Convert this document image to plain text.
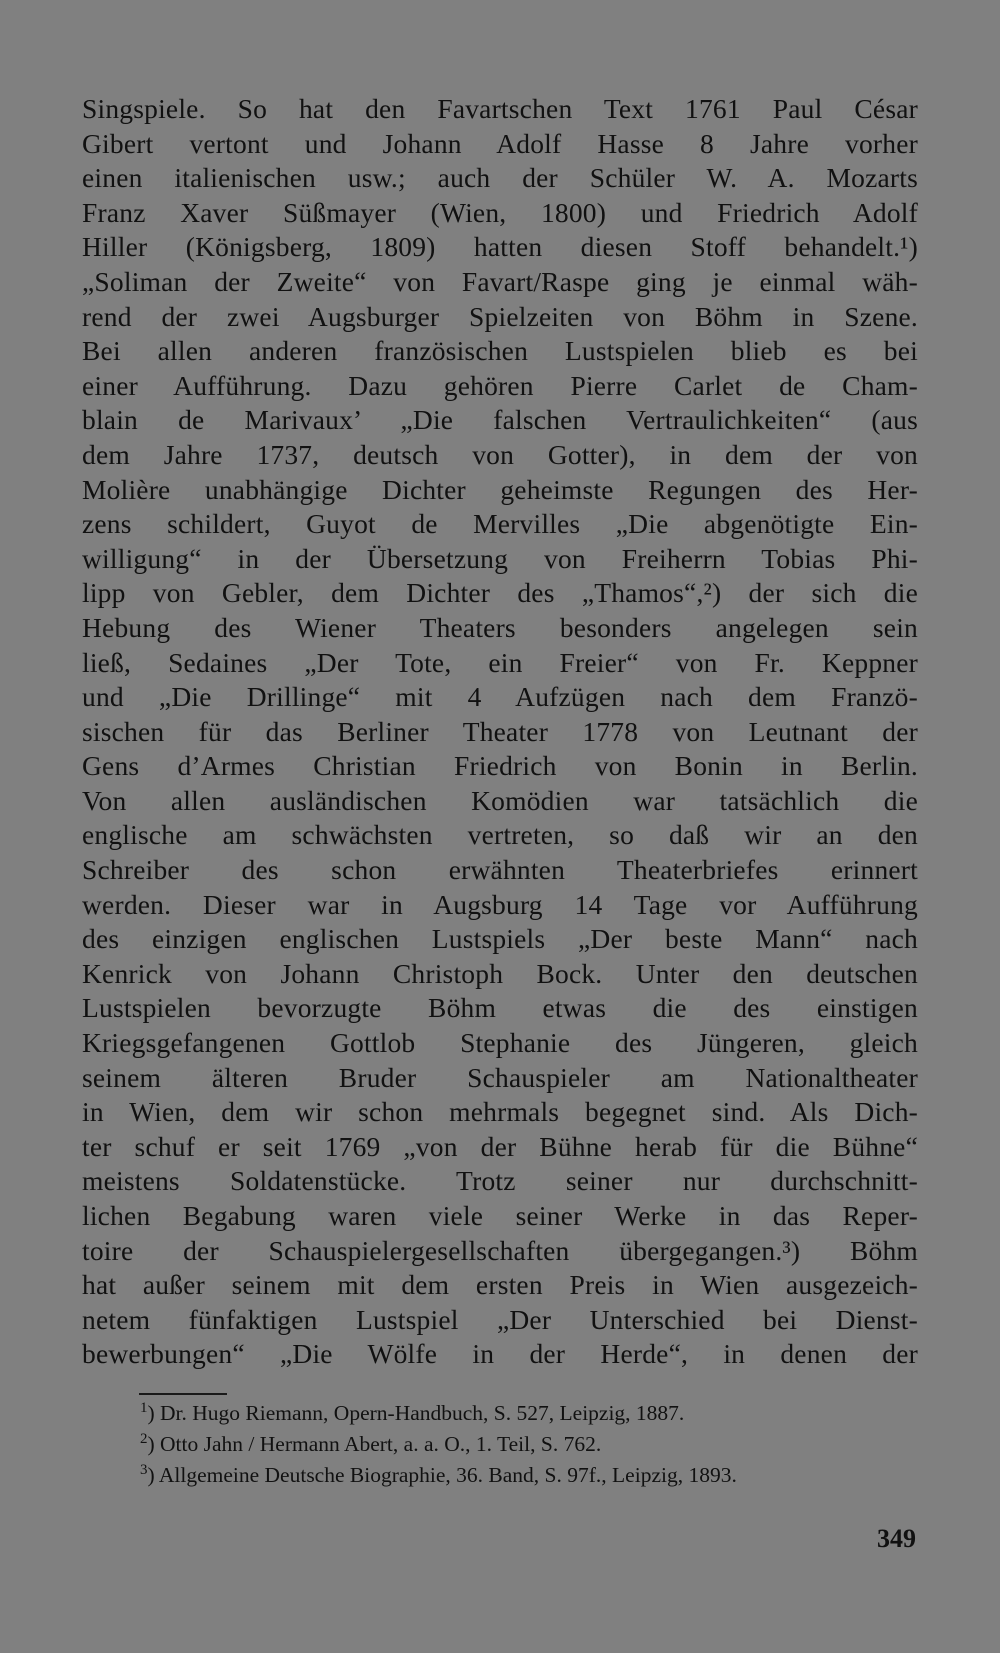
Singspiele. So hat den Favartschen Text 1761 Paul César
Gibert vertont und Johann Adolf Hasse 8 Jahre vorher
einen italienischen usw.; auch der Schüler W. A. Mozarts
Franz Xaver Süßmayer (Wien, 1800) und Friedrich Adolf
Hiller (Königsberg, 1809) hatten diesen Stoff behandelt.¹)
„Soliman der Zweite“ von Favart/Raspe ging je einmal wäh-
rend der zwei Augsburger Spielzeiten von Böhm in Szene.
Bei allen anderen französischen Lustspielen blieb es bei
einer Aufführung. Dazu gehören Pierre Carlet de Cham-
blain de Marivaux’ „Die falschen Vertraulichkeiten“ (aus
dem Jahre 1737, deutsch von Gotter), in dem der von
Molière unabhängige Dichter geheimste Regungen des Her-
zens schildert, Guyot de Mervilles „Die abgenötigte Ein-
willigung“ in der Übersetzung von Freiherrn Tobias Phi-
lipp von Gebler, dem Dichter des „Thamos“,²) der sich die
Hebung des Wiener Theaters besonders angelegen sein
ließ, Sedaines „Der Tote, ein Freier“ von Fr. Keppner
und „Die Drillinge“ mit 4 Aufzügen nach dem Franzö-
sischen für das Berliner Theater 1778 von Leutnant der
Gens d’Armes Christian Friedrich von Bonin in Berlin.
Von allen ausländischen Komödien war tatsächlich die
englische am schwächsten vertreten, so daß wir an den
Schreiber des schon erwähnten Theaterbriefes erinnert
werden. Dieser war in Augsburg 14 Tage vor Aufführung
des einzigen englischen Lustspiels „Der beste Mann“ nach
Kenrick von Johann Christoph Bock. Unter den deutschen
Lustspielen bevorzugte Böhm etwas die des einstigen
Kriegsgefangenen Gottlob Stephanie des Jüngeren, gleich
seinem älteren Bruder Schauspieler am Nationaltheater
in Wien, dem wir schon mehrmals begegnet sind. Als Dich-
ter schuf er seit 1769 „von der Bühne herab für die Bühne“
meistens Soldatenstücke. Trotz seiner nur durchschnitt-
lichen Begabung waren viele seiner Werke in das Reper-
toire der Schauspielergesellschaften übergegangen.³) Böhm
hat außer seinem mit dem ersten Preis in Wien ausgezeich-
netem fünfaktigen Lustspiel „Der Unterschied bei Dienst-
bewerbungen“ „Die Wölfe in der Herde“, in denen der
$^1$) Dr. Hugo Riemann, Opern-Handbuch, S. 527, Leipzig, 1887.
$^2$) Otto Jahn / Hermann Abert, a. a. O., 1. Teil, S. 762.
$^3$) Allgemeine Deutsche Biographie, 36. Band, S. 97f., Leipzig, 1893.
349
